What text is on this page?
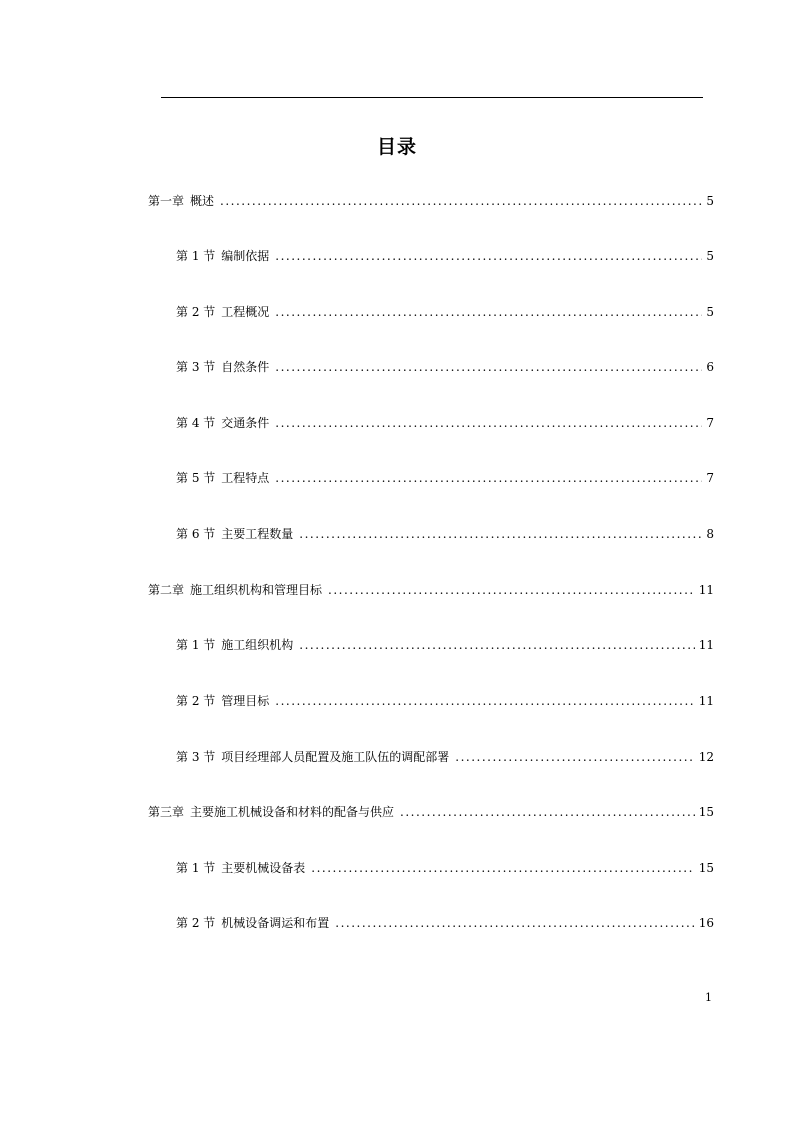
目录
第一章 概述 .....	5
第 1 节 编制依据 .....	5
第 2 节 工程概况 .....	5
第 3 节 自然条件 .....	6
第 4 节 交通条件 .....	7
第 5 节 工程特点 .....	7
第 6 节 主要工程数量 .....	8
第二章 施工组织机构和管理目标 .....	11
第 1 节 施工组织机构 .....	11
第 2 节 管理目标 .....	11
第 3 节 项目经理部人员配置及施工队伍的调配部署 .....	12
第三章 主要施工机械设备和材料的配备与供应 .....	15
第 1 节 主要机械设备表 .....	15
第 2 节 机械设备调运和布置 .....	16
1
